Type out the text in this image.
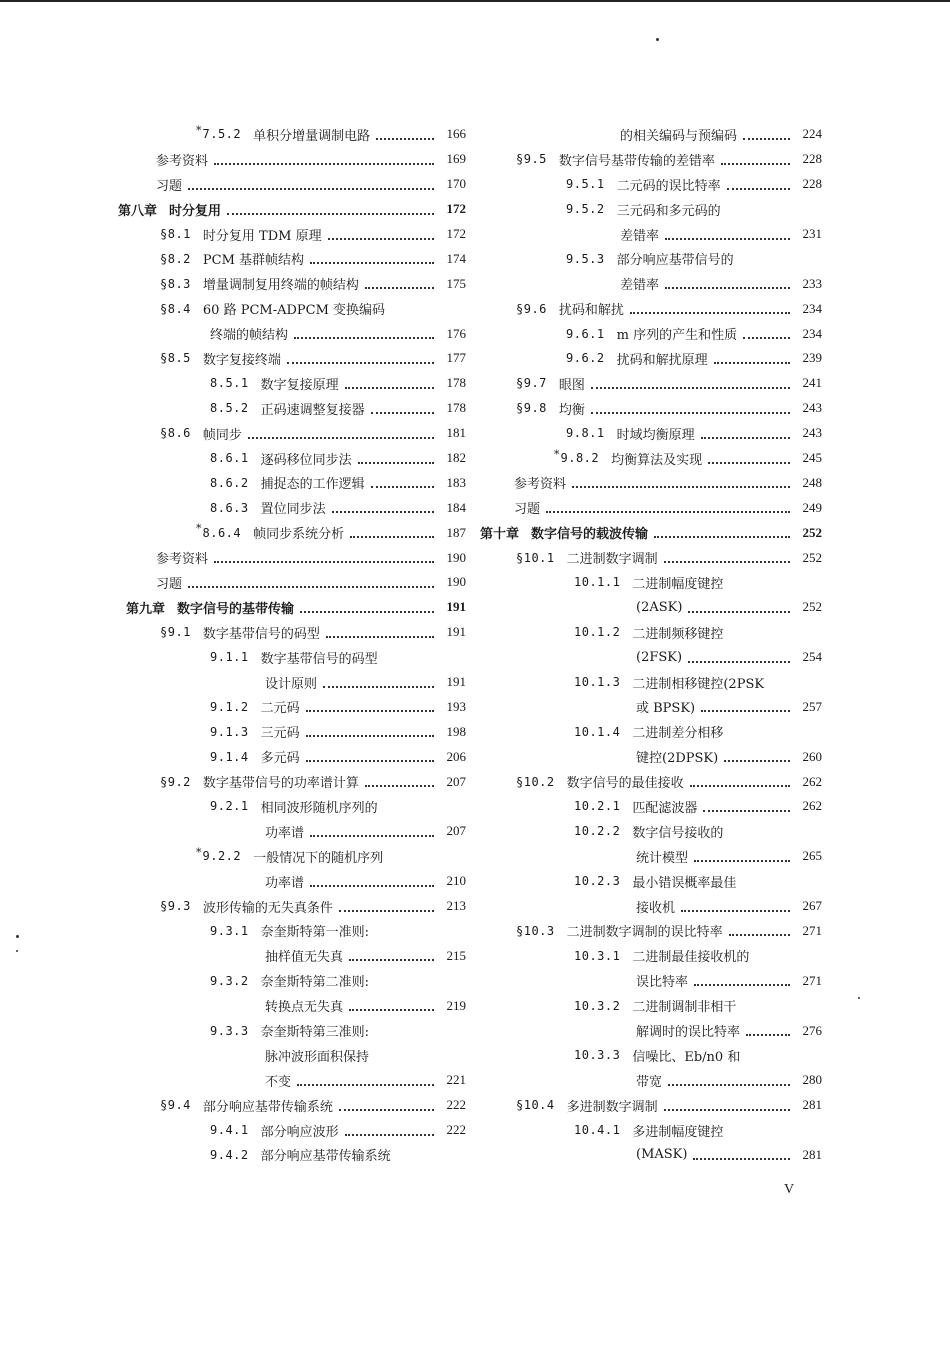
* 7.5.2 单积分增量调制电路	166
参考资料	169
习题	170
第八章 时分复用	172
§8.1 时分复用 TDM 原理	172
§8.2 PCM 基群帧结构	174
§8.3 增量调制复用终端的帧结构	175
§8.4 60 路 PCM-ADPCM 变换编码
终端的帧结构	176
§8.5 数字复接终端	177
8.5.1 数字复接原理	178
8.5.2 正码速调整复接器	178
§8.6 帧同步	181
8.6.1 逐码移位同步法	182
8.6.2 捕捉态的工作逻辑	183
8.6.3 置位同步法	184
* 8.6.4 帧同步系统分析	187
参考资料	190
习题	190
第九章 数字信号的基带传输	191
§9.1 数字基带信号的码型	191
9.1.1 数字基带信号的码型
设计原则	191
9.1.2 二元码	193
9.1.3 三元码	198
9.1.4 多元码	206
§9.2 数字基带信号的功率谱计算	207
9.2.1 相同波形随机序列的
功率谱	207
* 9.2.2 一般情况下的随机序列
功率谱	210
§9.3 波形传输的无失真条件	213
9.3.1 奈奎斯特第一准则:
抽样值无失真	215
9.3.2 奈奎斯特第二准则:
转换点无失真	219
9.3.3 奈奎斯特第三准则:
脉冲波形面积保持
不变	221
§9.4 部分响应基带传输系统	222
9.4.1 部分响应波形	222
9.4.2 部分响应基带传输系统
的相关编码与预编码	224
§9.5 数字信号基带传输的差错率	228
9.5.1 二元码的误比特率	228
9.5.2 三元码和多元码的
差错率	231
9.5.3 部分响应基带信号的
差错率	233
§9.6 扰码和解扰	234
9.6.1 m 序列的产生和性质	234
9.6.2 扰码和解扰原理	239
§9.7 眼图	241
§9.8 均衡	243
9.8.1 时域均衡原理	243
* 9.8.2 均衡算法及实现	245
参考资料	248
习题	249
第十章 数字信号的载波传输	252
§10.1 二进制数字调制	252
10.1.1 二进制幅度键控
(2ASK)	252
10.1.2 二进制频移键控
(2FSK)	254
10.1.3 二进制相移键控(2PSK
或 BPSK)	257
10.1.4 二进制差分相移
键控(2DPSK)	260
§10.2 数字信号的最佳接收	262
10.2.1 匹配滤波器	262
10.2.2 数字信号接收的
统计模型	265
10.2.3 最小错误概率最佳
接收机	267
§10.3 二进制数字调制的误比特率	271
10.3.1 二进制最佳接收机的
误比特率	271
10.3.2 二进制调制非相干
解调时的误比特率	276
10.3.3 信噪比、Eb/n0 和
带宽	280
§10.4 多进制数字调制	281
10.4.1 多进制幅度键控
(MASK)	281
V
